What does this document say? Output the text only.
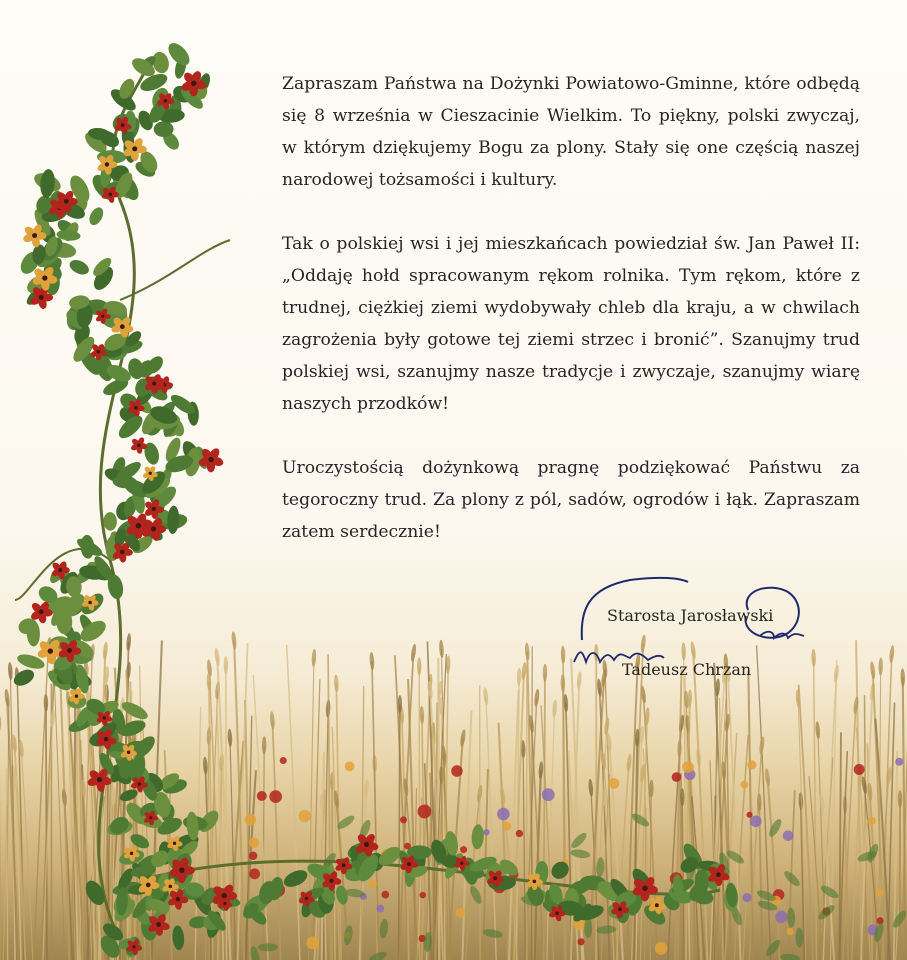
Zapraszam Państwa na Dożynki Powiatowo-Gminne, które odbędą się 8 września w Cieszacinie Wielkim. To piękny, polski zwyczaj, w którym dziękujemy Bogu za plony. Stały się one częścią naszej narodowej tożsamości i kultury.

Tak o polskiej wsi i jej mieszkańcach powiedział św. Jan Paweł II: „Oddaję hołd spracowanym rękom rolnika. Tym rękom, które z trudnej, ciężkiej ziemi wydobywały chleb dla kraju, a w chwilach zagrożenia były gotowe tej ziemi strzec i bronić”. Szanujmy trud polskiej wsi, szanujmy nasze tradycje i zwyczaje, szanujmy wiarę naszych przodków!

Uroczystością dożynkową pragnę podziękować Państwu za tegoroczny trud. Za plony z pól, sadów, ogrodów i łąk. Zapraszam zatem serdecznie!

Starosta Jarosławski
Tadeusz Chrzan
